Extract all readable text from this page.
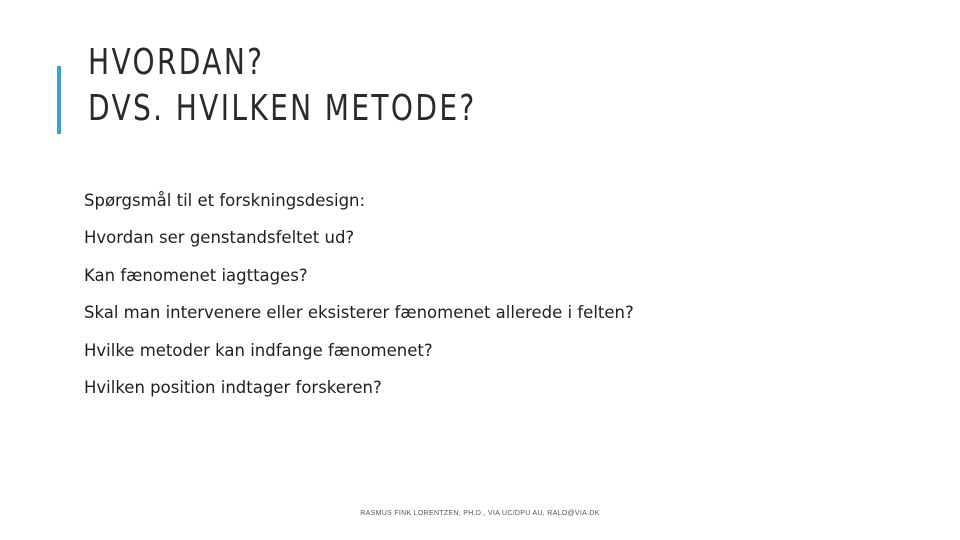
HVORDAN?
DVS. HVILKEN METODE?
Spørgsmål til et forskningsdesign:
Hvordan ser genstandsfeltet ud?
Kan fænomenet iagttages?
Skal man intervenere eller eksisterer fænomenet allerede i felten?
Hvilke metoder kan indfange fænomenet?
Hvilken position indtager forskeren?
RASMUS FINK LORENTZEN, PH.D., VIA UC/DPU AU, RALO@VIA.DK
